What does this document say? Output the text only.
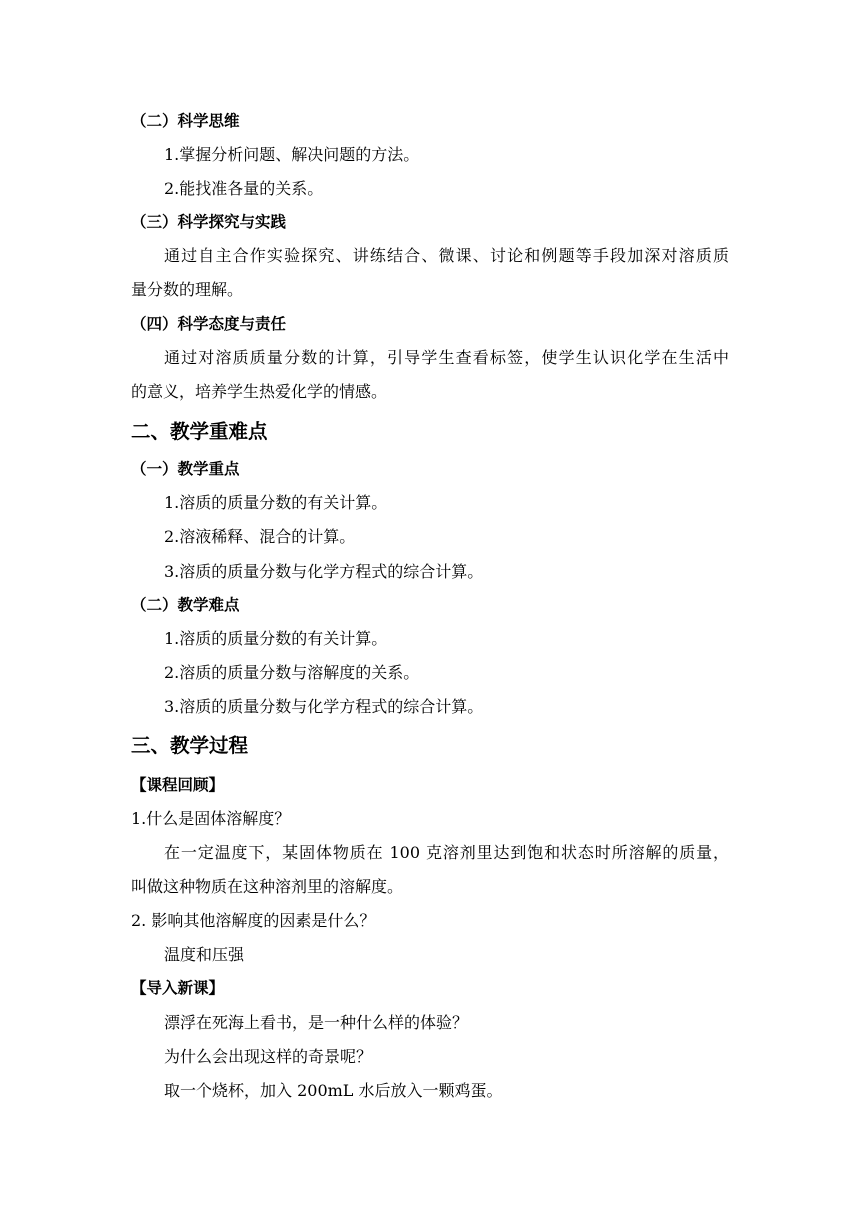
（二）科学思维
1.掌握分析问题、解决问题的方法。
2.能找准各量的关系。
（三）科学探究与实践
通过自主合作实验探究、讲练结合、微课、讨论和例题等手段加深对溶质质
量分数的理解。
（四）科学态度与责任
通过对溶质质量分数的计算，引导学生查看标签，使学生认识化学在生活中
的意义，培养学生热爱化学的情感。
二、教学重难点
（一）教学重点
1.溶质的质量分数的有关计算。
2.溶液稀释、混合的计算。
3.溶质的质量分数与化学方程式的综合计算。
（二）教学难点
1.溶质的质量分数的有关计算。
2.溶质的质量分数与溶解度的关系。
3.溶质的质量分数与化学方程式的综合计算。
三、教学过程
【课程回顾】
1.什么是固体溶解度？
在一定温度下，某固体物质在 100 克溶剂里达到饱和状态时所溶解的质量，
叫做这种物质在这种溶剂里的溶解度。
2. 影响其他溶解度的因素是什么？
温度和压强
【导入新课】
漂浮在死海上看书，是一种什么样的体验？
为什么会出现这样的奇景呢？
取一个烧杯，加入 200mL 水后放入一颗鸡蛋。
